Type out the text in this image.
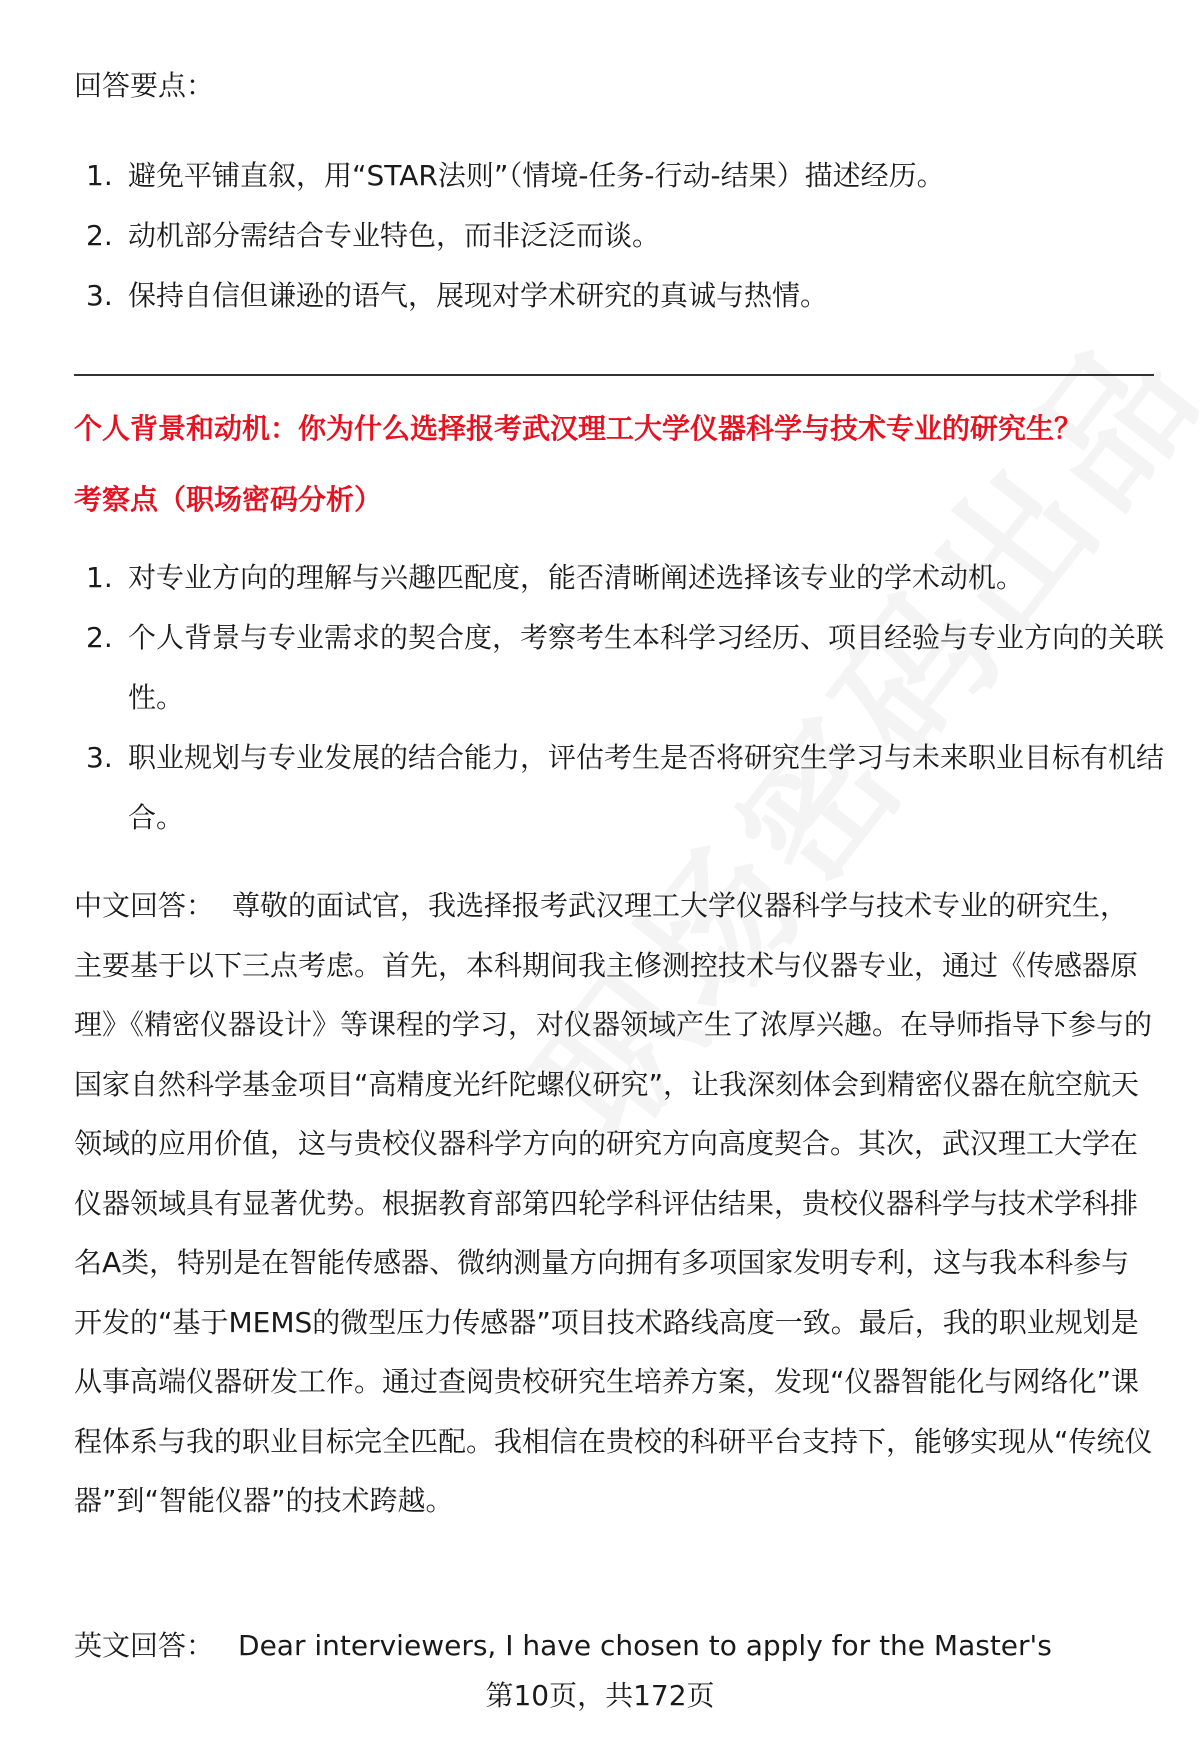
回答要点：
1. 避免平铺直叙，用“STAR法则”（情境-任务-行动-结果）描述经历。
2. 动机部分需结合专业特色，而非泛泛而谈。
3. 保持自信但谦逊的语气，展现对学术研究的真诚与热情。
个人背景和动机：你为什么选择报考武汉理工大学仪器科学与技术专业的研究生？
考察点（职场密码分析）
1. 对专业方向的理解与兴趣匹配度，能否清晰阐述选择该专业的学术动机。
2. 个人背景与专业需求的契合度，考察考生本科学习经历、项目经验与专业方向的关联性。
3. 职业规划与专业发展的结合能力，评估考生是否将研究生学习与未来职业目标有机结合。

中文回答： 尊敬的面试官，我选择报考武汉理工大学仪器科学与技术专业的研究生，主要基于以下三点考虑。首先，本科期间我主修测控技术与仪器专业，通过《传感器原理》《精密仪器设计》等课程的学习，对仪器领域产生了浓厚兴趣。在导师指导下参与的国家自然科学基金项目“高精度光纤陀螺仪研究”，让我深刻体会到精密仪器在航空航天领域的应用价值，这与贵校仪器科学方向的研究方向高度契合。其次，武汉理工大学在仪器领域具有显著优势。根据教育部第四轮学科评估结果，贵校仪器科学与技术学科排名A类，特别是在智能传感器、微纳测量方向拥有多项国家发明专利，这与我本科参与开发的“基于MEMS的微型压力传感器”项目技术路线高度一致。最后，我的职业规划是从事高端仪器研发工作。通过查阅贵校研究生培养方案，发现“仪器智能化与网络化”课程体系与我的职业目标完全匹配。我相信在贵校的科研平台支持下，能够实现从“传统仪器”到“智能仪器”的技术跨越。

英文回答： Dear interviewers, I have chosen to apply for the Master's

第10页，共172页
